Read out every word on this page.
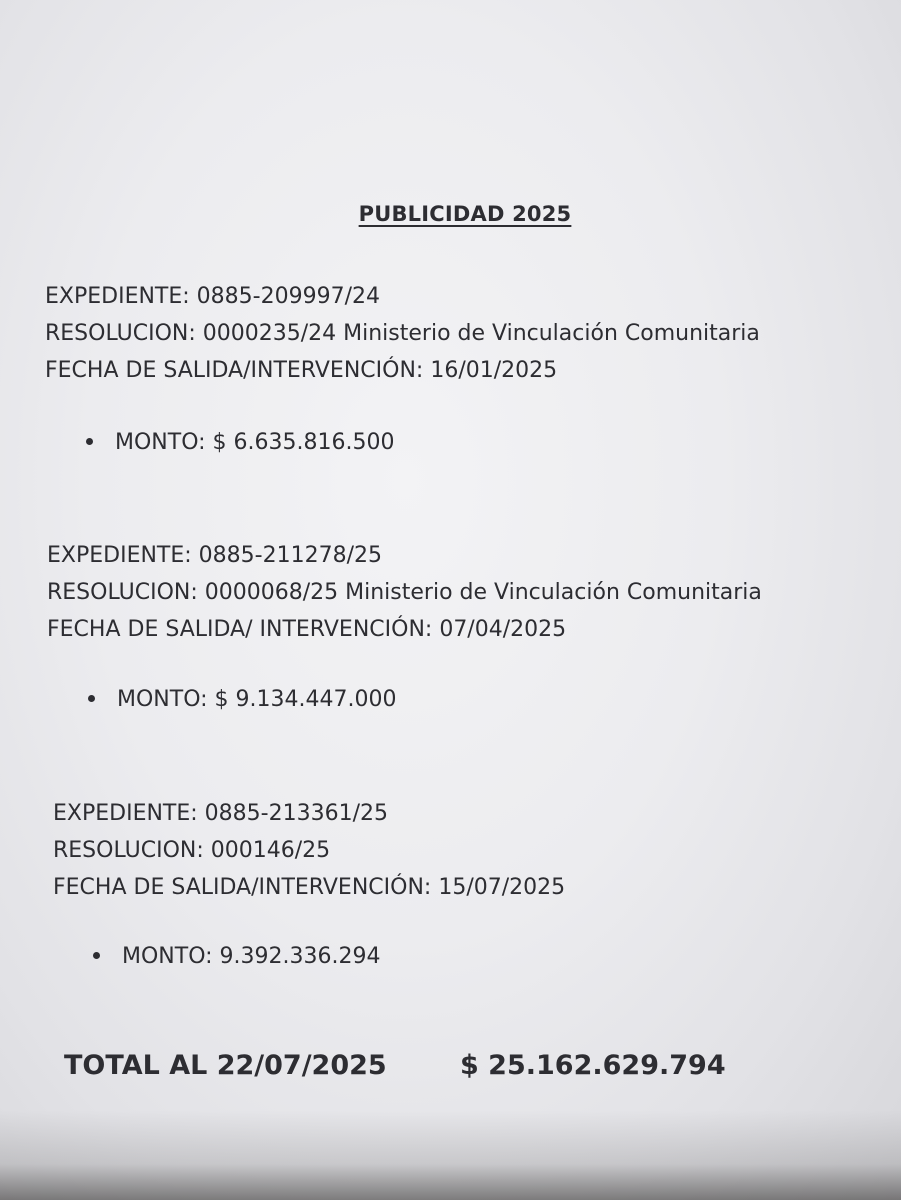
PUBLICIDAD 2025
EXPEDIENTE: 0885-209997/24
RESOLUCION: 0000235/24 Ministerio de Vinculación Comunitaria
FECHA DE SALIDA/INTERVENCIÓN: 16/01/2025
MONTO: $ 6.635.816.500
EXPEDIENTE: 0885-211278/25
RESOLUCION: 0000068/25 Ministerio de Vinculación Comunitaria
FECHA DE SALIDA/ INTERVENCIÓN: 07/04/2025
MONTO: $ 9.134.447.000
EXPEDIENTE: 0885-213361/25
RESOLUCION: 000146/25
FECHA DE SALIDA/INTERVENCIÓN: 15/07/2025
MONTO: 9.392.336.294
TOTAL AL 22/07/2025	$ 25.162.629.794
